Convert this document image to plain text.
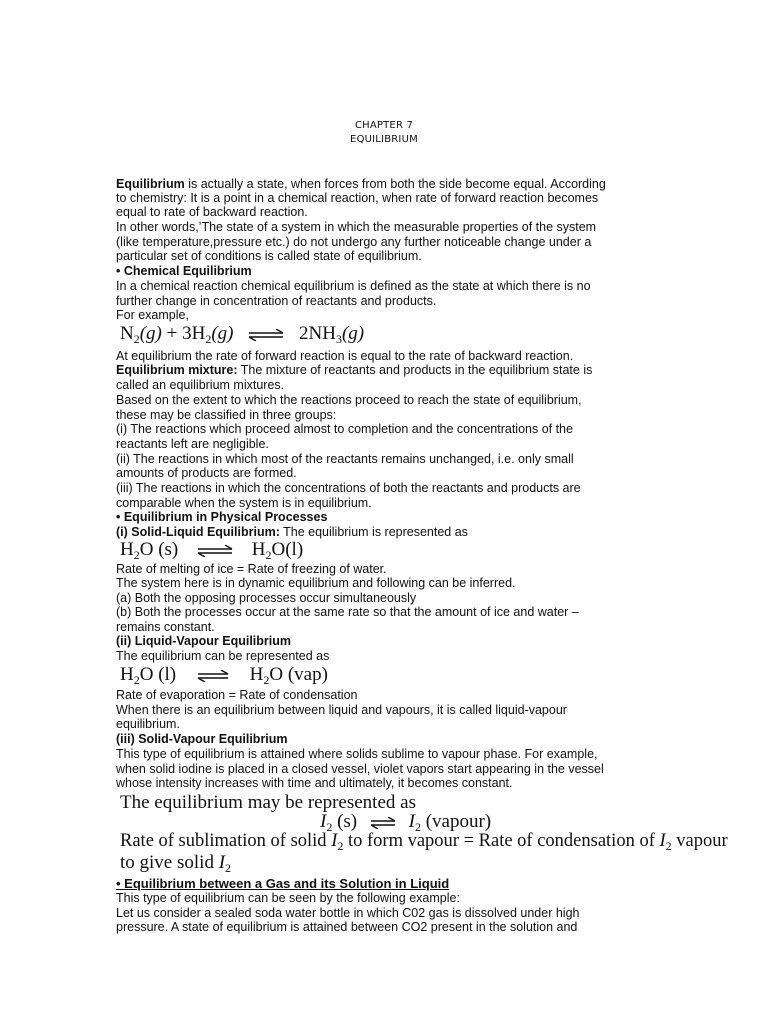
CHAPTER 7
EQUILIBRIUM
Equilibrium is actually a state, when forces from both the side become equal. According
to chemistry: It is a point in a chemical reaction, when rate of forward reaction becomes
equal to rate of backward reaction.
In other words,’The state of a system in which the measurable properties of the system
(like temperature,pressure etc.) do not undergo any further noticeable change under a
particular set of conditions is called state of equilibrium.
• Chemical Equilibrium
In a chemical reaction chemical equilibrium is defined as the state at which there is no
further change in concentration of reactants and products.
For example,
$N_2(g) + 3H_2(g)$ ⇌ $2NH_3(g)$
At equilibrium the rate of forward reaction is equal to the rate of backward reaction.
Equilibrium mixture: The mixture of reactants and products in the equilibrium state is
called an equilibrium mixtures.
Based on the extent to which the reactions proceed to reach the state of equilibrium,
these may be classified in three groups:
(i) The reactions which proceed almost to completion and the concentrations of the
reactants left are negligible.
(ii) The reactions in which most of the reactants remains unchanged, i.e. only small
amounts of products are formed.
(iii) The reactions in which the concentrations of both the reactants and products are
comparable when the system is in equilibrium.
• Equilibrium in Physical Processes
(i) Solid-Liquid Equilibrium: The equilibrium is represented as
$H_2O$ (s) ⇌ $H_2O(l)$
Rate of melting of ice = Rate of freezing of water.
The system here is in dynamic equilibrium and following can be inferred.
(a) Both the opposing processes occur simultaneously
(b) Both the processes occur at the same rate so that the amount of ice and water –
remains constant.
(ii) Liquid-Vapour Equilibrium
The equilibrium can be represented as
$H_2O$ (l) ⇌ $H_2O$ (vap)
Rate of evaporation = Rate of condensation
When there is an equilibrium between liquid and vapours, it is called liquid-vapour
equilibrium.
(iii) Solid-Vapour Equilibrium
This type of equilibrium is attained where solids sublime to vapour phase. For example,
when solid iodine is placed in a closed vessel, violet vapors start appearing in the vessel
whose intensity increases with time and ultimately, it becomes constant.
The equilibrium may be represented as
$I_2$ (s) ⇌ $I_2$ (vapour)
Rate of sublimation of solid $I_2$ to form vapour = Rate of condensation of $I_2$ vapour
to give solid $I_2$
• Equilibrium between a Gas and its Solution in Liquid
This type of equilibrium can be seen by the following example:
Let us consider a sealed soda water bottle in which C02 gas is dissolved under high
pressure. A state of equilibrium is attained between CO2 present in the solution and
